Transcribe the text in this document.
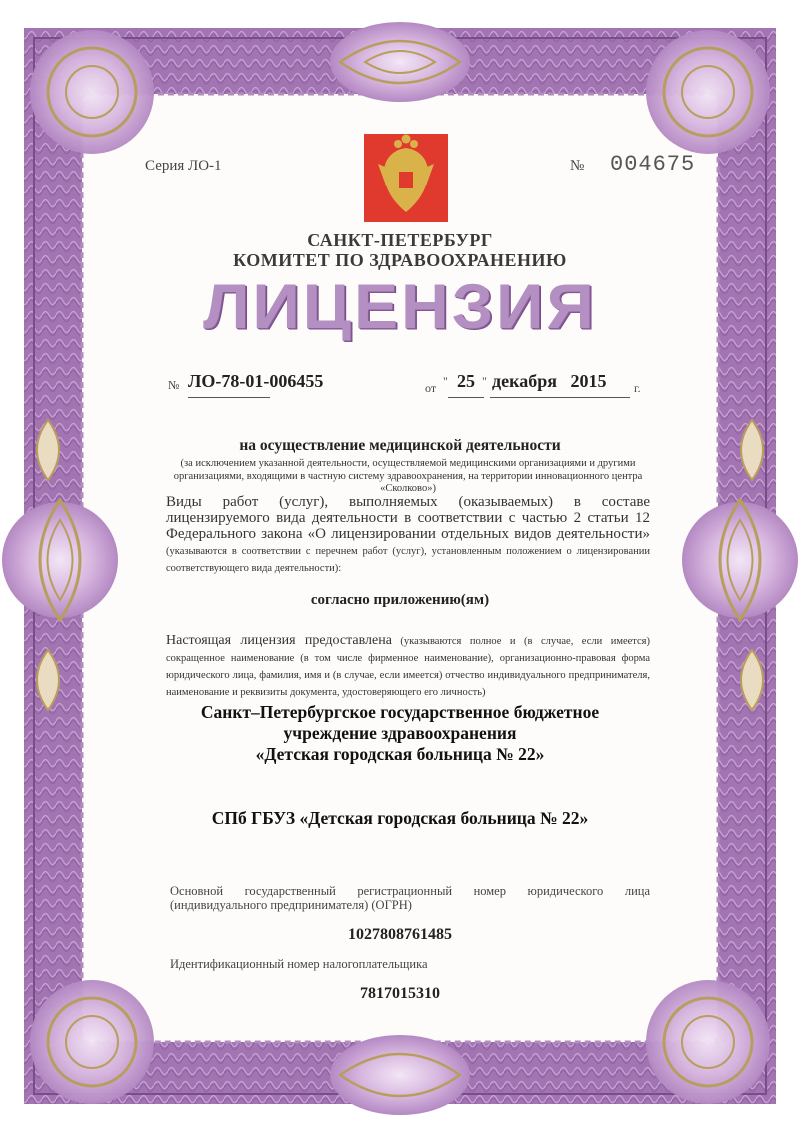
Серия ЛО-1	№ 004675
САНКТ-ПЕТЕРБУРГ
КОМИТЕТ ПО ЗДРАВООХРАНЕНИЮ
ЛИЦЕНЗИЯ
№ ЛО-78-01-006455	от " 25 " декабря   2015	г.
на осуществление медицинской деятельности
(за исключением указанной деятельности, осуществляемой медицинскими организациями и другими организациями, входящими в частную систему здравоохранения, на территории инновационного центра «Сколково»)
Виды работ (услуг), выполняемых (оказываемых) в составе лицензируемого вида деятельности в соответствии с частью 2 статьи 12 Федерального закона «О лицензировании отдельных видов деятельности» (указываются в соответствии с перечнем работ (услуг), установленным положением о лицензировании соответствующего вида деятельности):
согласно приложению(ям)
Настоящая лицензия предоставлена (указываются полное и (в случае, если имеется) сокращенное наименование (в том числе фирменное наименование), организационно-правовая форма юридического лица, фамилия, имя и (в случае, если имеется) отчество индивидуального предпринимателя, наименование и реквизиты документа, удостоверяющего его личность)
Санкт–Петербургское государственное бюджетное
учреждение здравоохранения
«Детская городская больница № 22»
СПб ГБУЗ «Детская городская больница № 22»
Основной государственный регистрационный номер юридического лица (индивидуального предпринимателя) (ОГРН)
1027808761485
Идентификационный номер налогоплательщика
7817015310
